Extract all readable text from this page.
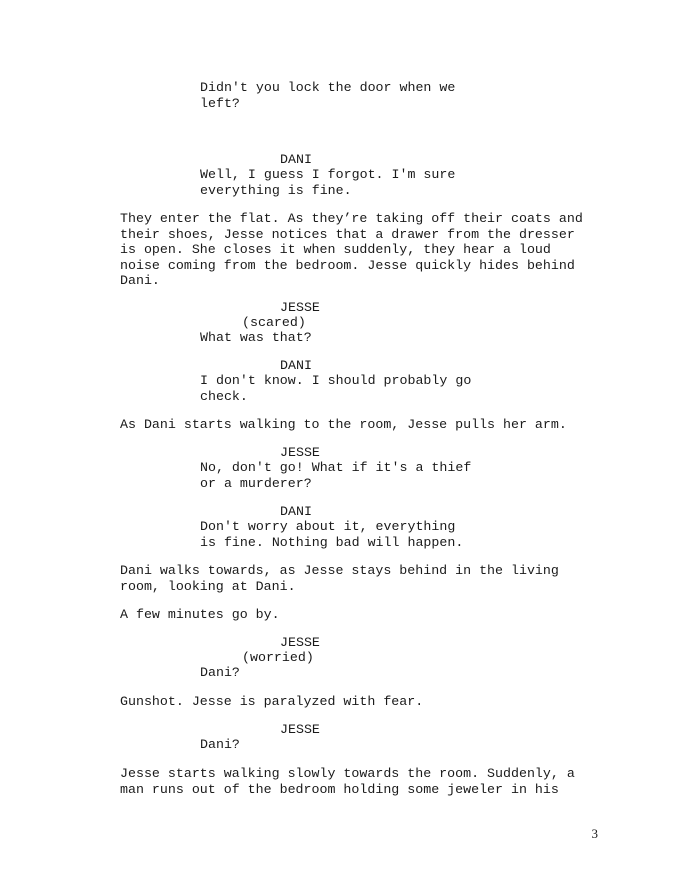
Didn't you lock the door when we
left?
DANI
Well, I guess I forgot. I'm sure
everything is fine.
They enter the flat. As they’re taking off their coats and
their shoes, Jesse notices that a drawer from the dresser
is open. She closes it when suddenly, they hear a loud
noise coming from the bedroom. Jesse quickly hides behind
Dani.
JESSE
(scared)
What was that?
DANI
I don't know. I should probably go
check.
As Dani starts walking to the room, Jesse pulls her arm.
JESSE
No, don't go! What if it's a thief
or a murderer?
DANI
Don't worry about it, everything
is fine. Nothing bad will happen.
Dani walks towards, as Jesse stays behind in the living
room, looking at Dani.
A few minutes go by.
JESSE
(worried)
Dani?
Gunshot. Jesse is paralyzed with fear.
JESSE
Dani?
Jesse starts walking slowly towards the room. Suddenly, a
man runs out of the bedroom holding some jeweler in his
3
